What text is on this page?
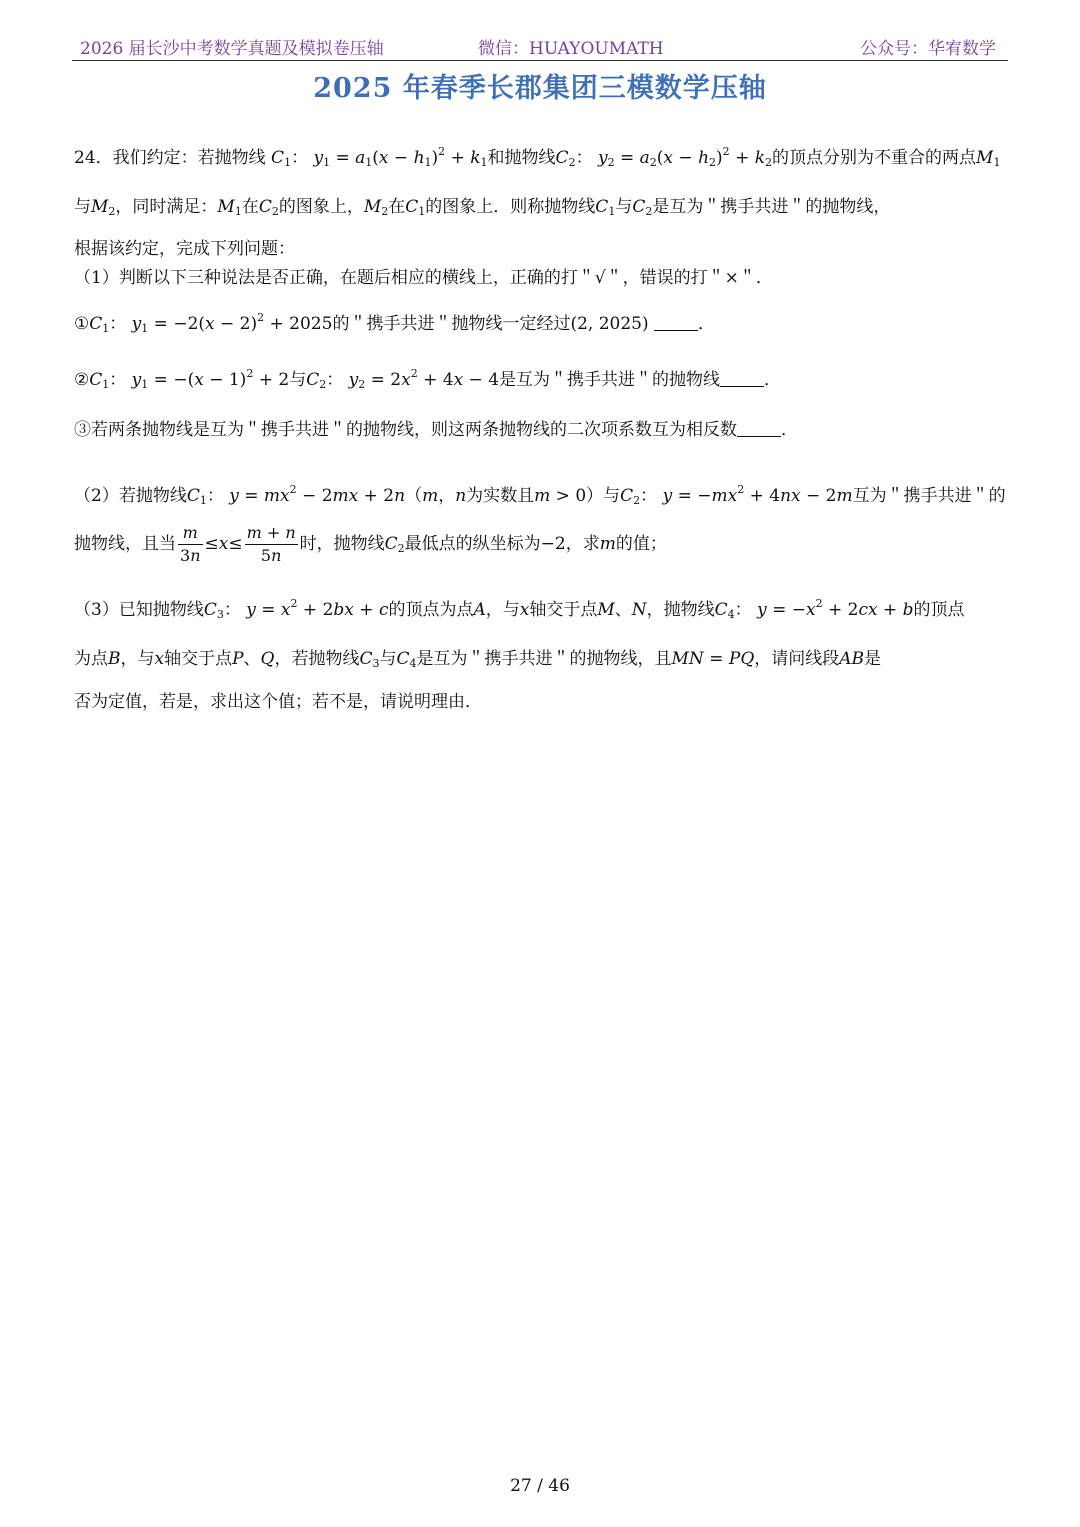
2026 届长沙中考数学真题及模拟卷压轴	微信：HUAYOUMATH	公众号：华宥数学
2025 年春季长郡集团三模数学压轴

24．我们约定：若抛物线 $C_1$： $y_1 = a_1(x - h_1)^2 + k_1$和抛物线$C_2$： $y_2 = a_2(x - h_2)^2 + k_2$的顶点分别为不重合的两点$M_1$

与$M_2$，同时满足：$M_1$在$C_2$的图象上，$M_2$在$C_1$的图象上．则称抛物线$C_1$与$C_2$是互为＂携手共进＂的抛物线，

根据该约定，完成下列问题：

（1）判断以下三种说法是否正确，在题后相应的横线上，正确的打＂√＂，错误的打＂×＂．

$①C_1$： $y_1 = -2(x - 2)^2 + 2025$的＂携手共进＂抛物线一定经过(2, 2025)	．

$②C_1$： $y_1 = -(x - 1)^2 + 2$与$C_2$： $y_2 = 2x^2 + 4x - 4$是互为＂携手共进＂的抛物线	．

③若两条抛物线是互为＂携手共进＂的抛物线，则这两条抛物线的二次项系数互为相反数	．

（2）若抛物线$C_1$： $y = mx^2 - 2mx + 2n(m$，n为实数且m > 0）与$C_2$： $y = -mx^2 + 4nx - 2m$互为＂携手共进＂的

抛物线，且当 $\frac{m}{3n} \le x\le \frac{m + n}{5n}$ 时，抛物线$C_2$最低点的纵坐标为−2，求m的值；

（3）已知抛物线$C_3$： $y = x^2 + 2bx + c$的顶点为点A，与x轴交于点M、N，抛物线$C_4$： $y = -x^2 + 2cx + b$的顶点

为点B，与x轴交于点P、Q，若抛物线$C_3$与$C_4$是互为＂携手共进＂的抛物线，且MN = PQ，请问线段AB是

否为定值，若是，求出这个值；若不是，请说明理由．

27 / 46
